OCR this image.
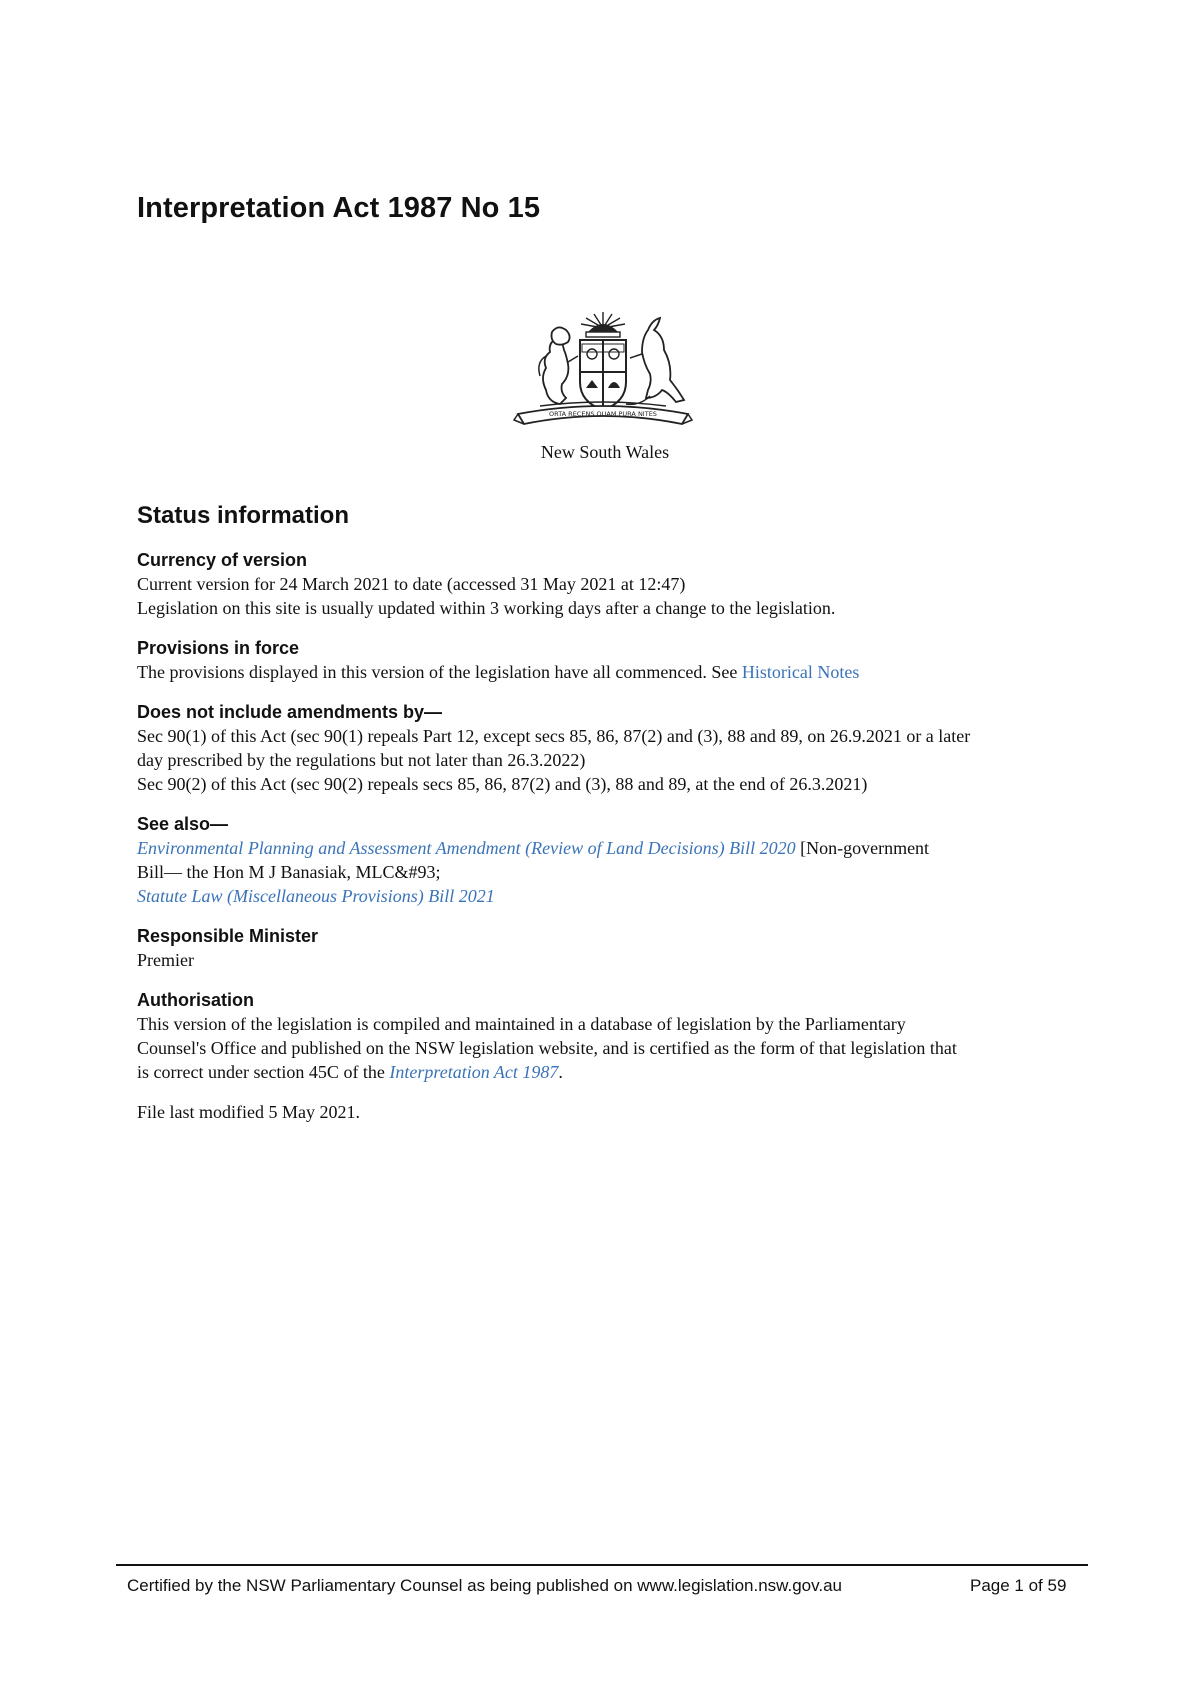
Interpretation Act 1987 No 15
ORTA RECENS QUAM PURA NITES
New South Wales
Status information
Currency of version
Current version for 24 March 2021 to date (accessed 31 May 2021 at 12:47)
Legislation on this site is usually updated within 3 working days after a change to the legislation.
Provisions in force
The provisions displayed in this version of the legislation have all commenced. See Historical Notes
Does not include amendments by—
Sec 90(1) of this Act (sec 90(1) repeals Part 12, except secs 85, 86, 87(2) and (3), 88 and 89, on 26.9.2021 or a later
day prescribed by the regulations but not later than 26.3.2022)
Sec 90(2) of this Act (sec 90(2) repeals secs 85, 86, 87(2) and (3), 88 and 89, at the end of 26.3.2021)
See also—
Environmental Planning and Assessment Amendment (Review of Land Decisions) Bill 2020 [Non-government
Bill— the Hon M J Banasiak, MLC&#93;
Statute Law (Miscellaneous Provisions) Bill 2021
Responsible Minister
Premier
Authorisation
This version of the legislation is compiled and maintained in a database of legislation by the Parliamentary
Counsel's Office and published on the NSW legislation website, and is certified as the form of that legislation that
is correct under section 45C of the Interpretation Act 1987.
File last modified 5 May 2021.
Certified by the NSW Parliamentary Counsel as being published on www.legislation.nsw.gov.au	Page 1 of 59
